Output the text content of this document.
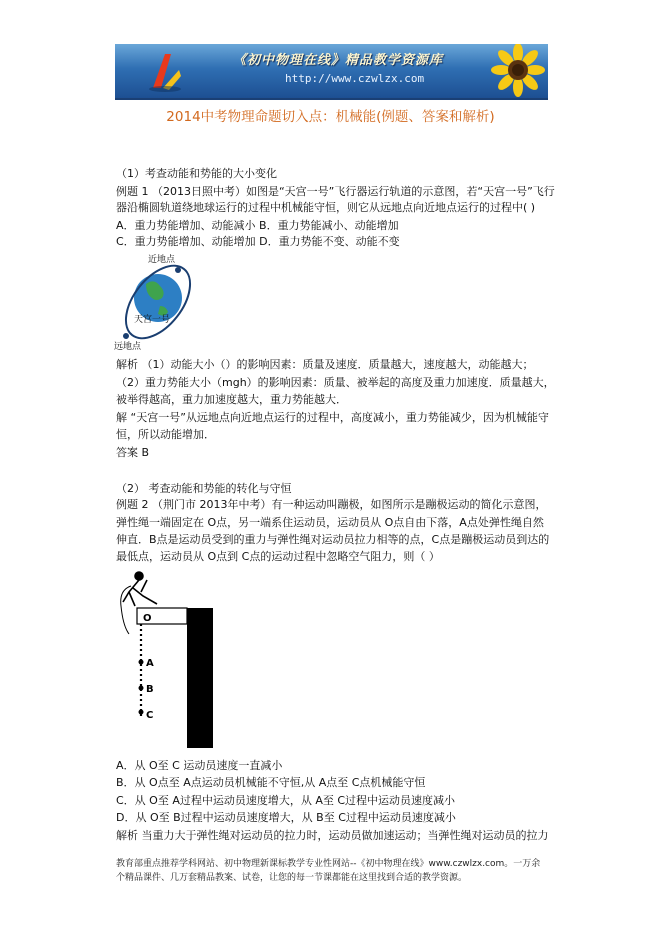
《初中物理在线》精品教学资源库
http://www.czwlzx.com
2014中考物理命题切入点：机械能(例题、答案和解析)
（1）考查动能和势能的大小变化
例题 1 （2013日照中考）如图是“天宫一号”飞行器运行轨道的示意图，若“天宫一号”飞行
器沿椭圆轨道绕地球运行的过程中机械能守恒，则它从远地点向近地点运行的过程中( )
A．重力势能增加、动能减小 B．重力势能减小、动能增加
C．重力势能增加、动能增加 D．重力势能不变、动能不变
近地点
远地点
天宫一号
解析 （1）动能大小（）的影响因素：质量及速度．质量越大，速度越大，动能越大；
（2）重力势能大小（mgh）的影响因素：质量、被举起的高度及重力加速度．质量越大，
被举得越高，重力加速度越大，重力势能越大．
解 “天宫一号”从远地点向近地点运行的过程中，高度减小，重力势能减少，因为机械能守
恒，所以动能增加．
答案 B
（2） 考查动能和势能的转化与守恒
例题 2 （荆门市 2013年中考）有一种运动叫蹦极，如图所示是蹦极运动的简化示意图，
弹性绳一端固定在 O点，另一端系住运动员，运动员从 O点自由下落，A点处弹性绳自然
伸直．B点是运动员受到的重力与弹性绳对运动员拉力相等的点，C点是蹦极运动员到达的
最低点，运动员从 O点到 C点的运动过程中忽略空气阻力，则（ ）
O
A
B
C
A．从 O至 C 运动员速度一直减小
B．从 O点至 A点运动员机械能不守恒,从 A点至 C点机械能守恒
C．从 O至 A过程中运动员速度增大，从 A至 C过程中运动员速度减小
D．从 O至 B过程中运动员速度增大，从 B至 C过程中运动员速度减小
解析 当重力大于弹性绳对运动员的拉力时，运动员做加速运动；当弹性绳对运动员的拉力
教育部重点推荐学科网站、初中物理新课标教学专业性网站--《初中物理在线》www.czwlzx.com。一万余
个精品课件、几万套精品教案、试卷，让您的每一节课都能在这里找到合适的教学资源。
